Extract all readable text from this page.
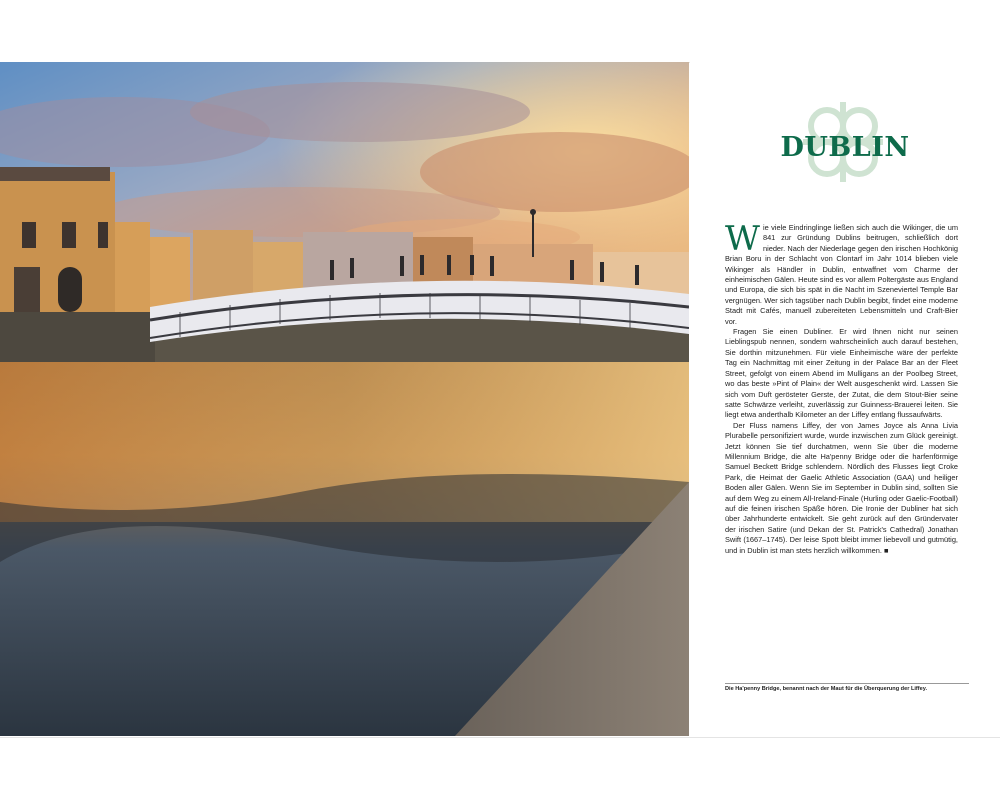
DUBLIN

Wie viele Eindringlinge ließen sich auch die Wikinger, die um 841 zur Gründung Dublins beitrugen, schließlich dort nieder. Nach der Niederlage gegen den irischen Hochkönig Brian Boru in der Schlacht von Clontarf im Jahr 1014 blieben viele Wikinger als Händler in Dublin, entwaffnet vom Charme der einheimischen Gälen. Heute sind es vor allem Poltergäste aus England und Europa, die sich bis spät in die Nacht im Szeneviertel Temple Bar vergnügen. Wer sich tagsüber nach Dublin begibt, findet eine moderne Stadt mit Cafés, manuell zubereiteten Lebensmitteln und Craft-Bier vor.

Fragen Sie einen Dubliner. Er wird Ihnen nicht nur seinen Lieblingspub nennen, sondern wahrscheinlich auch darauf bestehen, Sie dorthin mitzunehmen. Für viele Einheimische wäre der perfekte Tag ein Nachmittag mit einer Zeitung in der Palace Bar an der Fleet Street, gefolgt von einem Abend im Mulligans an der Poolbeg Street, wo das beste »Pint of Plain« der Welt ausgeschenkt wird. Lassen Sie sich vom Duft gerösteter Gerste, der Zutat, die dem Stout-Bier seine satte Schwärze verleiht, zuverlässig zur Guinness-Brauerei leiten. Sie liegt etwa anderthalb Kilometer an der Liffey entlang flussaufwärts.

Der Fluss namens Liffey, der von James Joyce als Anna Livia Plurabelle personifiziert wurde, wurde inzwischen zum Glück gereinigt. Jetzt können Sie tief durchatmen, wenn Sie über die moderne Millennium Bridge, die alte Ha'penny Bridge oder die harfenförmige Samuel Beckett Bridge schlendern. Nördlich des Flusses liegt Croke Park, die Heimat der Gaelic Athletic Association (GAA) und heiliger Boden aller Gälen. Wenn Sie im September in Dublin sind, sollten Sie auf dem Weg zu einem All-Ireland-Finale (Hurling oder Gaelic-Football) auf die feinen irischen Späße hören. Die Ironie der Dubliner hat sich über Jahrhunderte entwickelt. Sie geht zurück auf den Gründervater der irischen Satire (und Dekan der St. Patrick's Cathedral) Jonathan Swift (1667–1745). Der leise Spott bleibt immer liebevoll und gutmütig, und in Dublin ist man stets herzlich willkommen. ■

Die Ha'penny Bridge, benannt nach der Maut für die Überquerung der Liffey.
